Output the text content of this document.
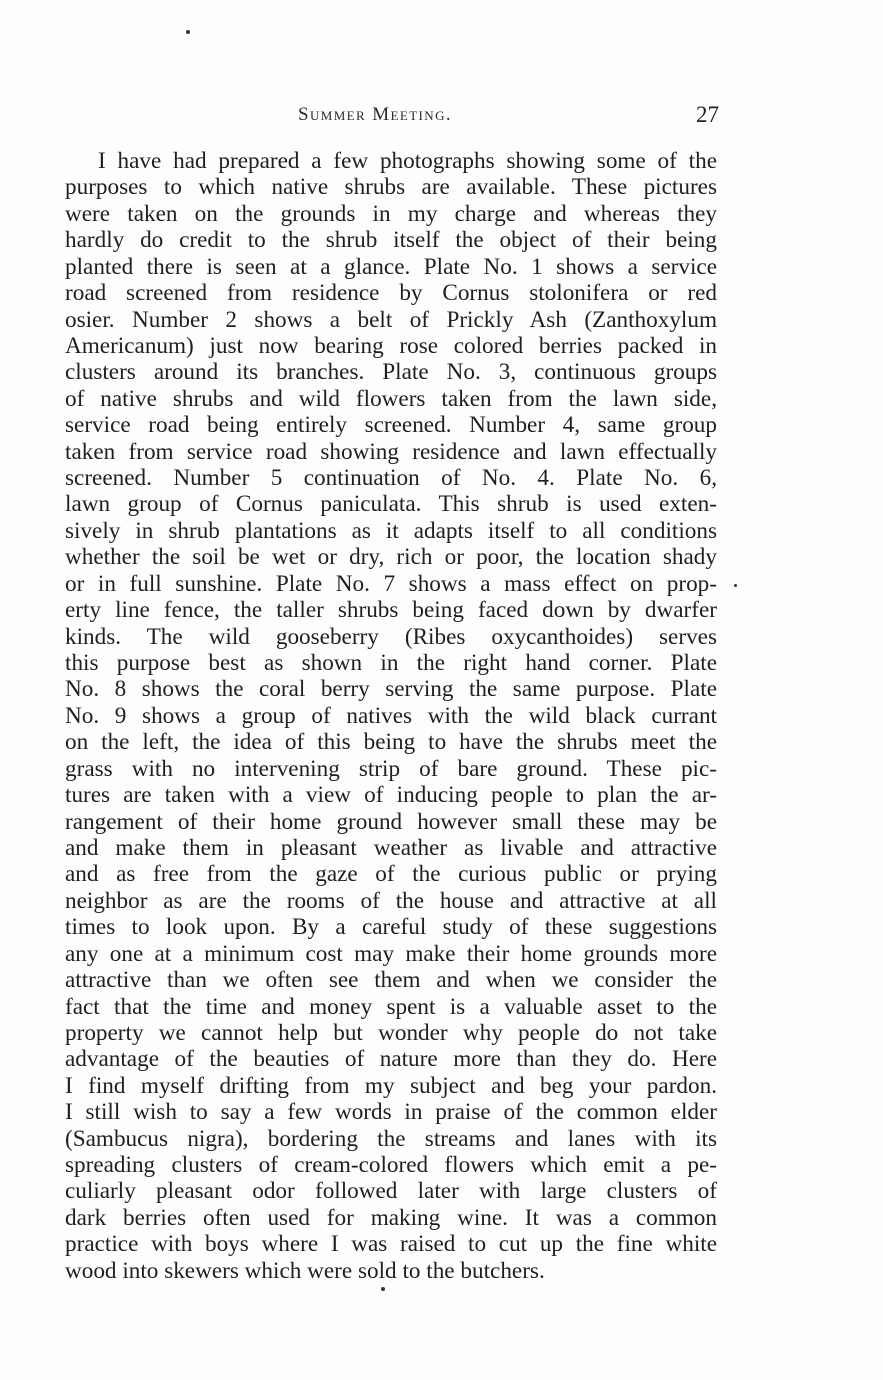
Summer Meeting.	27
I have had prepared a few photographs showing some of the
purposes to which native shrubs are available. These pictures
were taken on the grounds in my charge and whereas they
hardly do credit to the shrub itself the object of their being
planted there is seen at a glance. Plate No. 1 shows a service
road screened from residence by Cornus stolonifera or red
osier. Number 2 shows a belt of Prickly Ash (Zanthoxylum
Americanum) just now bearing rose colored berries packed in
clusters around its branches. Plate No. 3, continuous groups
of native shrubs and wild flowers taken from the lawn side,
service road being entirely screened. Number 4, same group
taken from service road showing residence and lawn effectually
screened. Number 5 continuation of No. 4. Plate No. 6,
lawn group of Cornus paniculata. This shrub is used exten-
sively in shrub plantations as it adapts itself to all conditions
whether the soil be wet or dry, rich or poor, the location shady
or in full sunshine. Plate No. 7 shows a mass effect on prop-
erty line fence, the taller shrubs being faced down by dwarfer
kinds. The wild gooseberry (Ribes oxycanthoides) serves
this purpose best as shown in the right hand corner. Plate
No. 8 shows the coral berry serving the same purpose. Plate
No. 9 shows a group of natives with the wild black currant
on the left, the idea of this being to have the shrubs meet the
grass with no intervening strip of bare ground. These pic-
tures are taken with a view of inducing people to plan the ar-
rangement of their home ground however small these may be
and make them in pleasant weather as livable and attractive
and as free from the gaze of the curious public or prying
neighbor as are the rooms of the house and attractive at all
times to look upon. By a careful study of these suggestions
any one at a minimum cost may make their home grounds more
attractive than we often see them and when we consider the
fact that the time and money spent is a valuable asset to the
property we cannot help but wonder why people do not take
advantage of the beauties of nature more than they do. Here
I find myself drifting from my subject and beg your pardon.
I still wish to say a few words in praise of the common elder
(Sambucus nigra), bordering the streams and lanes with its
spreading clusters of cream-colored flowers which emit a pe-
culiarly pleasant odor followed later with large clusters of
dark berries often used for making wine. It was a common
practice with boys where I was raised to cut up the fine white
wood into skewers which were sold to the butchers.
